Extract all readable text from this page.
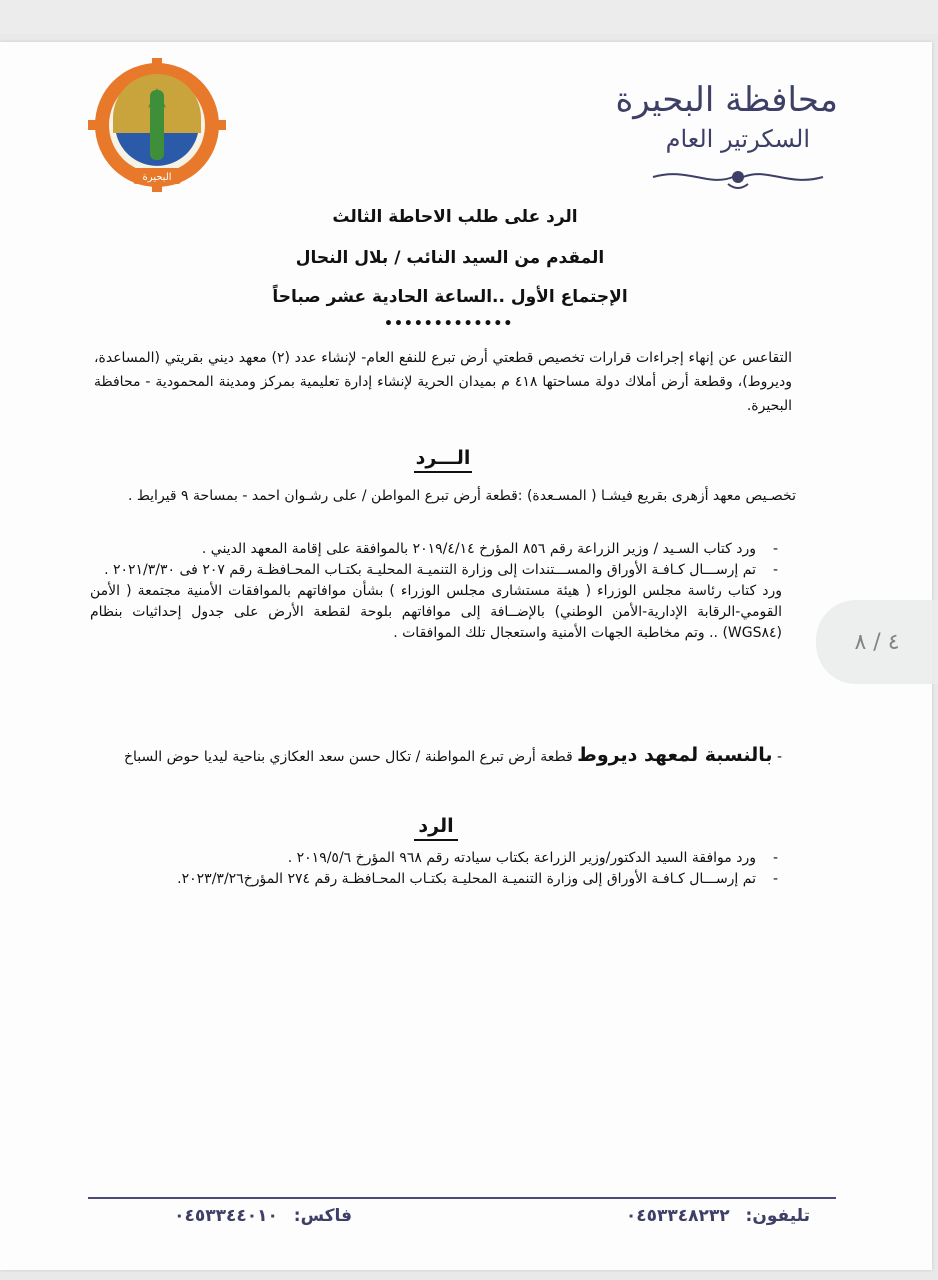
محافظة البحيرة
السكرتير العام
البحيرة
الرد على طلب الاحاطة الثالث
المقدم من السيد النائب / بلال النحال
الإجتماع الأول ..الساعة الحادية عشر صباحاً
•••••••••••••
التقاعس عن إنهاء إجراءات قرارات تخصيص قطعتي أرض تبرع للنفع العام- لإنشاء عدد (٢) معهد ديني بقريتي (المساعدة، وديروط)، وقطعة أرض أملاك دولة مساحتها ٤١٨ م بميدان الحرية لإنشاء إدارة تعليمية بمركز ومدينة المحمودية - محافظة البحيرة.
الـــرد
تخصـيص معهد أزهرى بقريع فيشـا ( المسـعدة) :قطعة أرض تبرع المواطن / على رشـوان احمد - بمساحة ٩ قيرايط .
-
ورد كتاب السـيد / وزير الزراعة رقم ٨٥٦ المؤرخ ٢٠١٩/٤/١٤ بالموافقة على إقامة المعهد الديني .
-
تم إرســـال كـافـة الأوراق والمســـتندات إلى وزارة التنميـة المحليـة بكتـاب المحـافظـة رقم ٢٠٧ فى ٢٠٢١/٣/٣٠ .
ورد كتاب رئاسة مجلس الوزراء ( هيئة مستشارى مجلس الوزراء ) بشأن موافاتهم بالموافقات الأمنية مجتمعة ( الأمن القومي-الرقابة الإدارية-الأمن الوطني) بالإضــافة إلى موافاتهم بلوحة لقطعة الأرض على جدول إحداثيات بنظام (WGS٨٤) .. وتم مخاطبة الجهات الأمنية واستعجال تلك الموافقات .
- بالنسبة لمعهد ديروط قطعة أرض تبرع المواطنة / تكال حسن سعد العكازي بناحية ليديا حوض السباخ
الرد
-
ورد موافقة السيد الدكتور/وزير الزراعة بكتاب سيادته رقم ٩٦٨ المؤرخ ٢٠١٩/٥/٦ .
-
تم إرســـال كـافـة الأوراق إلى وزارة التنميـة المحليـة بكتـاب المحـافظـة رقم ٢٧٤ المؤرخ٢٠٢٣/٣/٢٦.
٤ / ٨
تليفون: ٠٤٥٣٣٤٨٢٣٢
فاكس: ٠٤٥٣٣٤٤٠١٠
